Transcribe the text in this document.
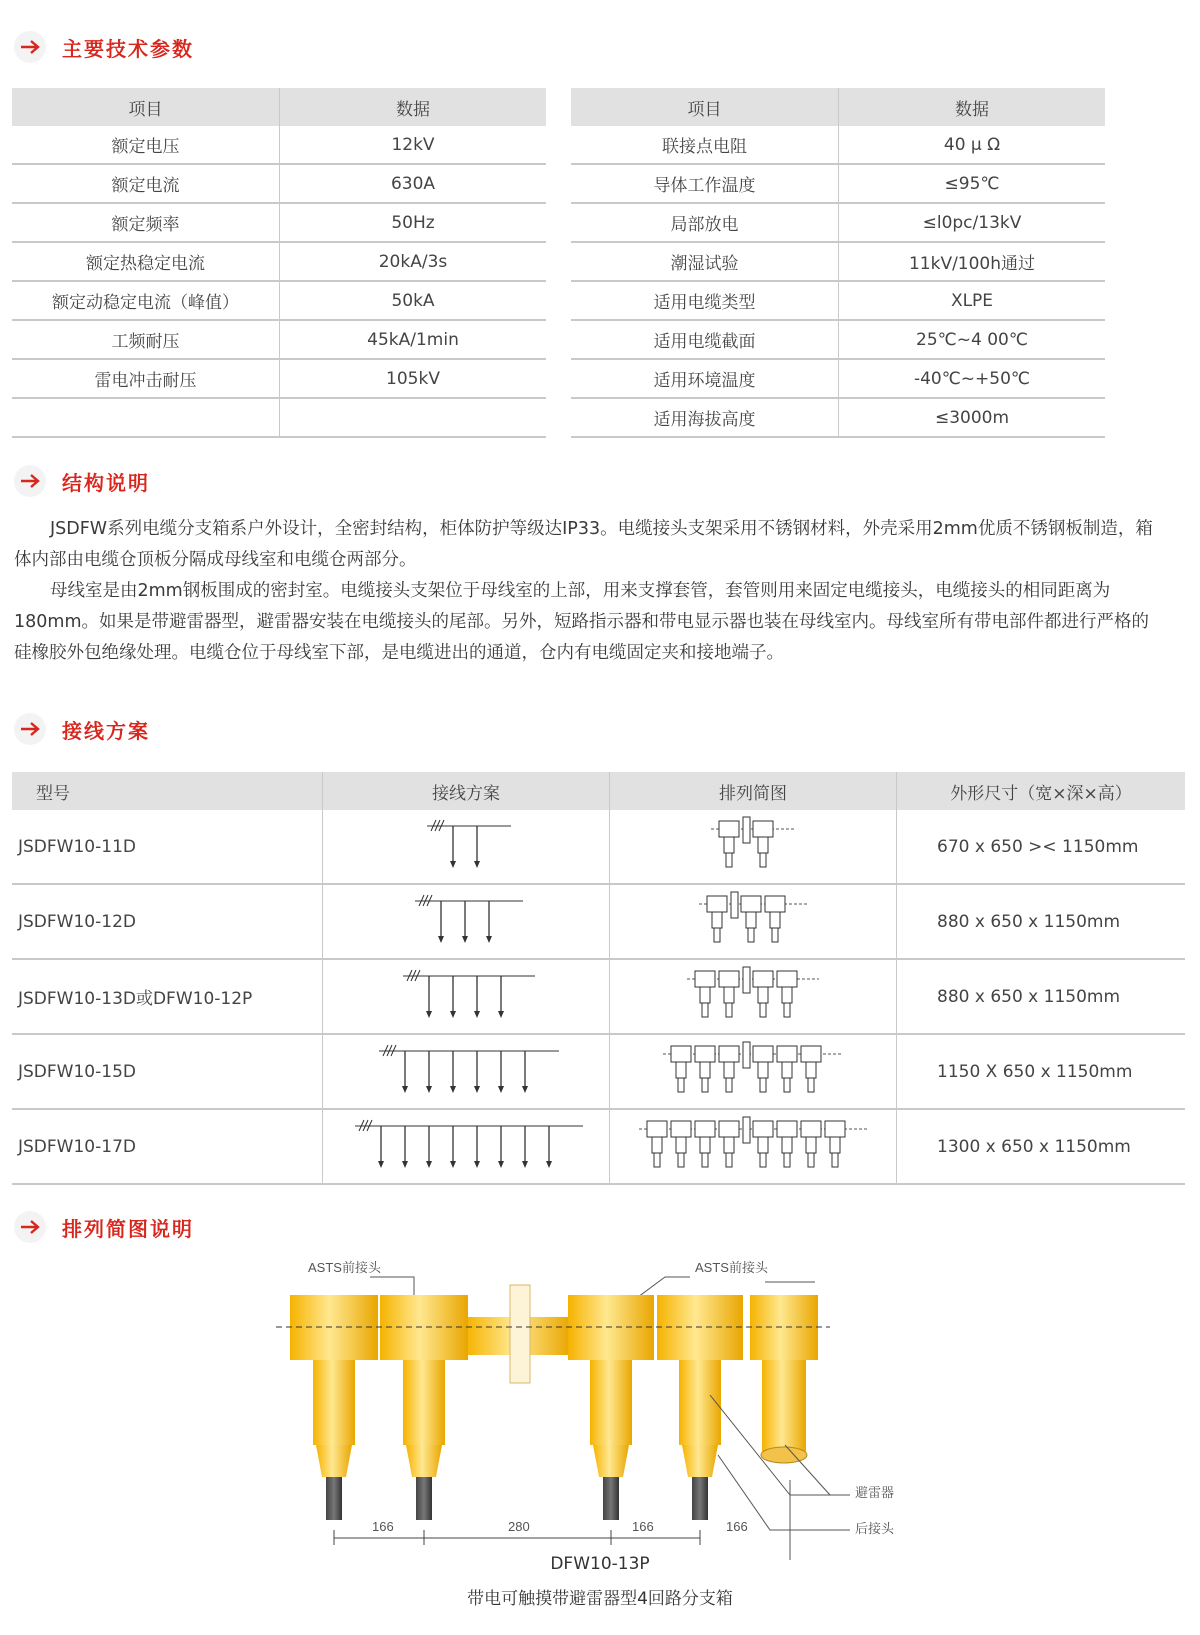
主要技术参数
项目	数据
额定电压	12kV
额定电流	630A
额定频率	50Hz
额定热稳定电流	20kA/3s
额定动稳定电流（峰值）	50kA
工频耐压	45kA/1min
雷电冲击耐压	105kV

项目	数据
联接点电阻	40 μ Ω
导体工作温度	≤95℃
局部放电	≤l0pc/13kV
潮湿试验	11kV/100h通过
适用电缆类型	XLPE
适用电缆截面	25℃~4 00℃
适用环境温度	-40℃~+50℃
适用海拔高度	≤3000m
结构说明

JSDFW系列电缆分支箱系户外设计，全密封结构，柜体防护等级达IP33。电缆接头支架采用不锈钢材料，外壳采用2mm优质不锈钢板制造，箱体内部由电缆仓顶板分隔成母线室和电缆仓两部分。

母线室是由2mm钢板围成的密封室。电缆接头支架位于母线室的上部，用来支撑套管，套管则用来固定电缆接头，电缆接头的相同距离为180mm。如果是带避雷器型，避雷器安装在电缆接头的尾部。另外，短路指示器和带电显示器也装在母线室内。母线室所有带电部件都进行严格的硅橡胶外包绝缘处理。电缆仓位于母线室下部，是电缆进出的通道，仓内有电缆固定夹和接地端子。

接线方案
型号	接线方案	排列简图	外形尺寸（宽×深×高）
JSDFW10-11D			670 x 650 >< 1150mm
JSDFW10-12D			880 x 650 x 1150mm
JSDFW10-13D或DFW10-12P			880 x 650 x 1150mm
JSDFW10-15D			1150 X 650 x 1150mm
JSDFW10-17D			1300 x 650 x 1150mm
排列简图说明
ASTS前接头	ASTS前接头
避雷器
后接头
166	280	166	166
DFW10-13P
带电可触摸带避雷器型4回路分支箱
